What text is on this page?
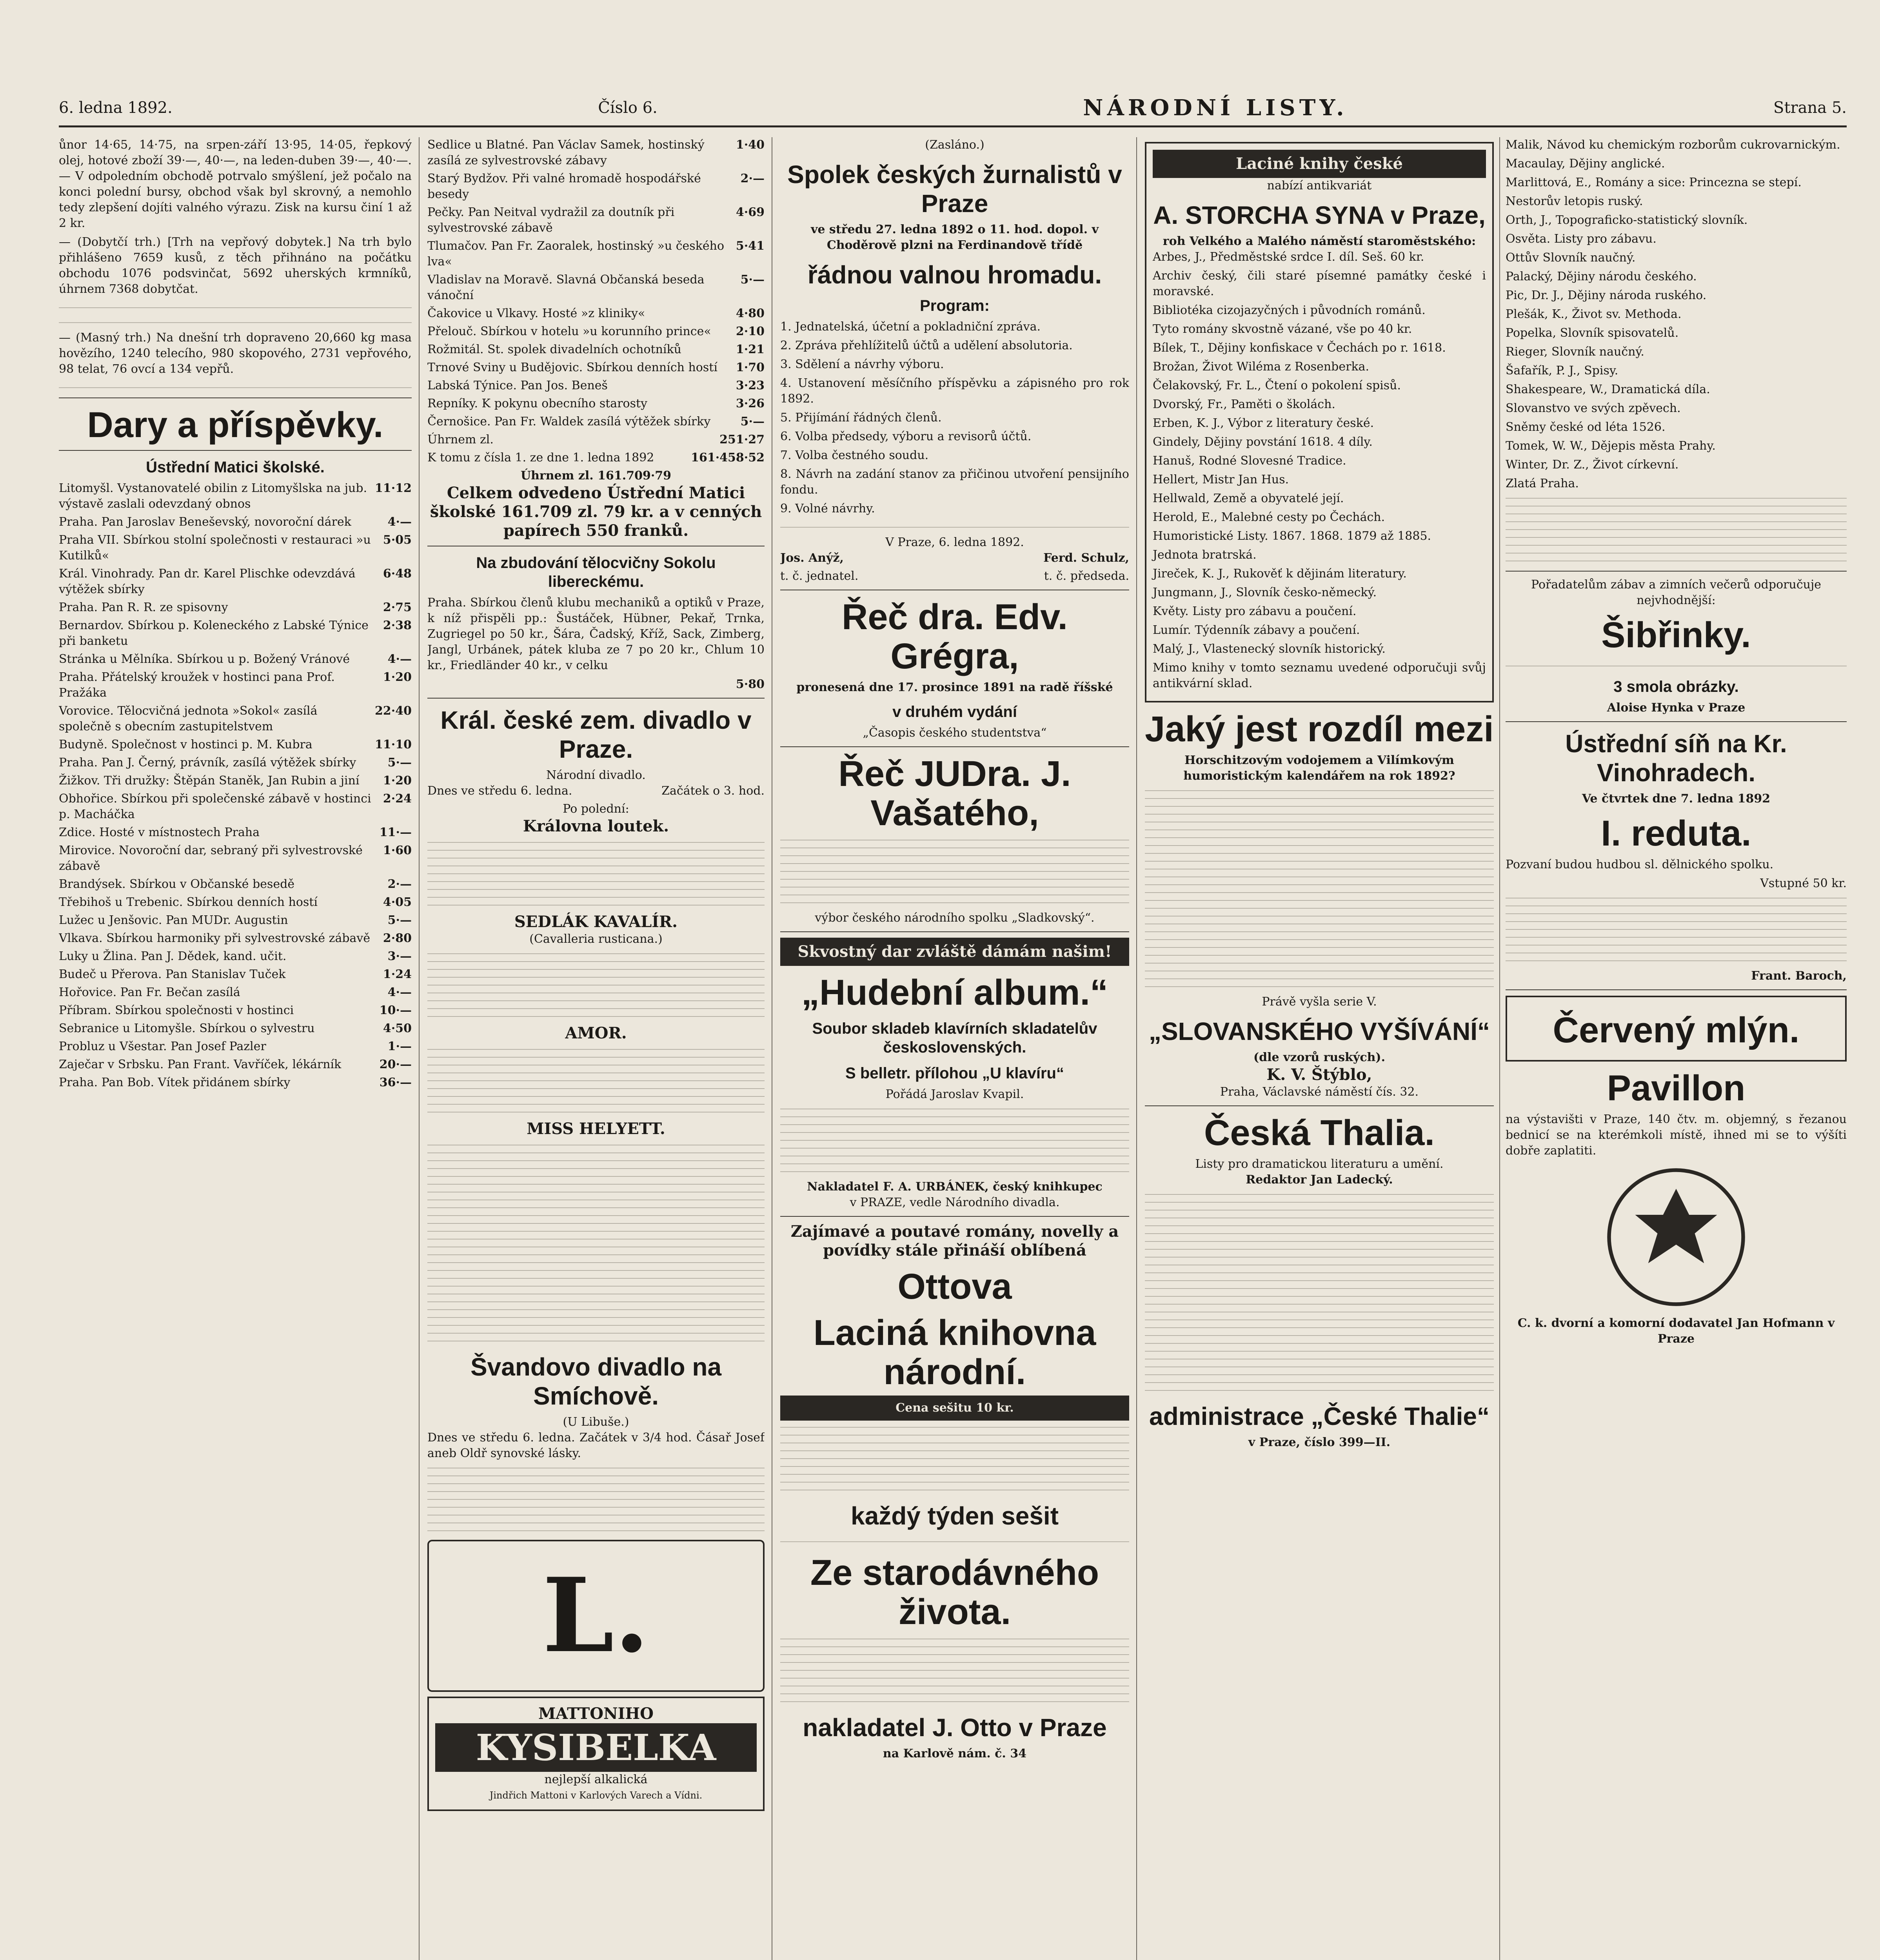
6. ledna 1892.	Číslo 6.	NÁRODNÍ LISTY.	Strana 5.

ůnor 14·65, 14·75, na srpen-září 13·95, 14·05, řepkový olej, hotové zboží 39·—, 40·—, na leden-duben 39·—, 40·—. — V odpoledním obchodě potrvalo smýšlení, jež počalo na konci polední bursy, obchod však byl skrovný, a nemohlo tedy zlepšení dojíti valného výrazu. Zisk na kursu činí 1 až 2 kr.

— (Dobytčí trh.) [Trh na vepřový dobytek.] Na trh bylo přihlášeno 7659 kusů, z těch přihnáno na počátku obchodu 1076 podsvinčat, 5692 uherských krmníků, úhrnem 7368 dobytčat.

— (Masný trh.) Na dnešní trh dopraveno 20,660 kg masa hovězího, 1240 telecího, 980 skopového, 2731 vepřového, 98 telat, 76 ovcí a 134 vepřů.

Dary a příspěvky.
Ústřední Matici školské.
Litomyšl. Vystanovatelé obilin z Litomyšlska na jub. výstavě zaslali odevzdaný obnos
11·12
Praha. Pan Jaroslav Beneševský, novoroční dárek	4·—
Praha VII. Sbírkou stolní společnosti v restauraci »u Kutilků«
5·05
Král. Vinohrady. Pan dr. Karel Plischke odevzdává výtěžek sbírky
6·48
Praha. Pan R. R. ze spisovny	2·75
Bernardov. Sbírkou p. Koleneckého z Labské Týnice při banketu
2·38
Stránka u Mělníka. Sbírkou u p. Božený Vránové	4·—
Praha. Přátelský kroužek v hostinci pana Prof. Pražáka
1·20
Vorovice. Tělocvičná jednota »Sokol« zasílá společně s obecním zastupitelstvem
22·40
Budyně. Společnost v hostinci p. M. Kubra	11·10
Praha. Pan J. Černý, právník, zasílá výtěžek sbírky	5·—
Žižkov. Tři družky: Štěpán Staněk, Jan Rubin a jiní 1·20
Obhořice. Sbírkou při společenské zábavě v hostinci p. Macháčka
2·24
Zdice. Hosté v místnostech Praha	11·—
Mirovice. Novoroční dar, sebraný při sylvestrovské zábavě
1·60
Brandýsek. Sbírkou v Občanské besedě	2·—
Třebihoš u Trebenic. Sbírkou denních hostí	4·05
Lužec u Jenšovic. Pan MUDr. Augustin	5·—
Vlkava. Sbírkou harmoniky při sylvestrovské zábavě 2·80
Luky u Žlina. Pan J. Dědek, kand. učit.	3·—
Budeč u Přerova. Pan Stanislav Tuček	1·24
Hořovice. Pan Fr. Bečan zasílá	4·—
Příbram. Sbírkou společnosti v hostinci	10·—
Sebranice u Litomyšle. Sbírkou o sylvestru	4·50
Probluz u Všestar. Pan Josef Pazler	1·—
Zaječar v Srbsku. Pan Frant. Vavříček, lékárník	20·—
Praha. Pan Bob. Vítek přidánem sbírky	36·—
Sedlice u Blatné. Pan Václav Samek, hostinský zasílá ze sylvestrovské zábavy
1·40
Starý Bydžov. Při valné hromadě hospodářské besedy
2·—
Pečky. Pan Neitval vydražil za doutník při sylvestrovské zábavě
4·69
Tlumačov. Pan Fr. Zaoralek, hostinský »u českého lva«
5·41
Vladislav na Moravě. Slavná Občanská beseda vánoční
5·—
Čakovice u Vlkavy. Hosté »z kliniky«	4·80
Přelouč. Sbírkou v hotelu »u korunního prince« 2·10
Rožmitál. St. spolek divadelních ochotníků	1·21
Trnové Sviny u Budějovic. Sbírkou denních hostí 1·70
Labská Týnice. Pan Jos. Beneš	3·23
Repníky. K pokynu obecního starosty	3·26
Černošice. Pan Fr. Waldek zasílá výtěžek sbírky	5·—
Úhrnem zl.	251·27
K tomu z čísla 1. ze dne 1. ledna 1892	161·458·52
Úhrnem zl. 161.709·79

Celkem odvedeno Ústřední Matici školské 161.709 zl. 79 kr. a v cenných papírech 550 franků.

Na zbudování tělocvičny Sokolu libereckému.

Praha. Sbírkou členů klubu mechaniků a optiků v Praze, k níž přispěli pp.: Šustáček, Hübner, Pekař, Trnka, Zugriegel po 50 kr., Šára, Čadský, Kříž, Sack, Zimberg, Jangl, Urbánek, pátek kluba ze 7 po 20 kr., Chlum 10 kr., Friedländer 40 kr., v celku

5·80
Král. české zem. divadlo v Praze.
Národní divadlo.
Dnes ve středu 6. ledna.	Začátek o 3. hod.
Po polední:
Královna loutek.
SEDLÁK KAVALÍR.
(Cavalleria rusticana.)
AMOR.
MISS HELYETT.
Švandovo divadlo na Smíchově.
(U Libuše.)

Dnes ve středu 6. ledna. Začátek v 3/4 hod. Čásař Josef aneb Oldř synovské lásky.

L.
MATTONIHO
KYSIBELKA
nejlepší alkalická
Jindřich Mattoni v Karlových Varech a Vídni.
(Zasláno.)
Spolek českých žurnalistů v Praze

ve středu 27. ledna 1892 o 11. hod. dopol. v Choděrově plzni na Ferdinandově třídě

řádnou valnou hromadu.
Program:

1. Jednatelská, účetní a pokladniční zpráva.

2. Zpráva přehlížitelů účtů a udělení absolutoria.

3. Sdělení a návrhy výboru.

4. Ustanovení měsíčního příspěvku a zápisného pro rok 1892.

5. Přijímání řádných členů.

6. Volba předsedy, výboru a revisorů účtů.

7. Volba čestného soudu.

8. Návrh na zadání stanov za přičinou utvoření pensijního fondu.

9. Volné návrhy.

V Praze, 6. ledna 1892.
Jos. Anýž,	Ferd. Schulz,
t. č. jednatel.	t. č. předseda.
Řeč dra. Edv. Grégra,
pronesená dne 17. prosince 1891 na radě říšské
v druhém vydání
„Časopis českého studentstva“
Řeč JUDra. J. Vašatého,
výbor českého národního spolku „Sladkovský“.
Skvostný dar zvláště dámám našim!
„Hudební album.“
Soubor skladeb klavírních skladatelův československých.
S belletr. přílohou „U klavíru“
Pořádá Jaroslav Kvapil.
Nakladatel F. A. URBÁNEK, český knihkupec
v PRAZE, vedle Národního divadla.
Zajímavé a poutavé romány, novelly a povídky stále přináší oblíbená
Ottova
Laciná knihovna národní.
Cena sešitu 10 kr.
každý týden sešit
Ze starodávného života.
nakladatel J. Otto v Praze
na Karlově nám. č. 34
Laciné knihy české
nabízí antikvariát
A. STORCHA SYNA v Praze,
roh Velkého a Malého náměstí staroměstského:

Arbes, J., Předměstské srdce I. díl. Seš. 60 kr.

Archiv český, čili staré písemné památky české i moravské.

Bibliotéka cizojazyčných i původních románů.

Tyto romány skvostně vázané, vše po 40 kr.

Bílek, T., Dějiny konfiskace v Čechách po r. 1618.

Brožan, Život Wiléma z Rosenberka.

Čelakovský, Fr. L., Čtení o pokolení spisů.

Dvorský, Fr., Paměti o školách.

Erben, K. J., Výbor z literatury české.

Gindely, Dějiny povstání 1618. 4 díly.

Hanuš, Rodné Slovesné Tradice.

Hellert, Mistr Jan Hus.

Hellwald, Země a obyvatelé její.

Herold, E., Malebné cesty po Čechách.

Humoristické Listy. 1867. 1868. 1879 až 1885.

Jednota bratrská.

Jireček, K. J., Rukověť k dějinám literatury.

Jungmann, J., Slovník česko-německý.

Květy. Listy pro zábavu a poučení.

Lumír. Týdenník zábavy a poučení.

Malý, J., Vlastenecký slovník historický.

Mimo knihy v tomto seznamu uvedené odporučuji svůj antikvární sklad.

Jaký jest rozdíl mezi
Horschitzovým vodojemem a Vilímkovým humoristickým kalendářem na rok 1892?
Právě vyšla serie V.
„SLOVANSKÉHO VYŠÍVÁNÍ“
(dle vzorů ruských).
K. V. Štýblo,
Praha, Václavské náměstí čís. 32.
Česká Thalia.
Listy pro dramatickou literaturu a umění.
Redaktor Jan Ladecký.
administrace „České Thalie“
v Praze, číslo 399—II.

Malik, Návod ku chemickým rozborům cukrovarnickým.

Macaulay, Dějiny anglické.

Marlittová, E., Romány a sice: Princezna se stepí.

Nestorův letopis ruský.

Orth, J., Topograficko-statistický slovník.

Osvěta. Listy pro zábavu.

Ottův Slovník naučný.

Palacký, Dějiny národu českého.

Pic, Dr. J., Dějiny národa ruského.

Plešák, K., Život sv. Methoda.

Popelka, Slovník spisovatelů.

Rieger, Slovník naučný.

Šafařík, P. J., Spisy.

Shakespeare, W., Dramatická díla.

Slovanstvo ve svých zpěvech.

Sněmy české od léta 1526.

Tomek, W. W., Dějepis města Prahy.

Winter, Dr. Z., Život církevní.

Zlatá Praha.

Pořadatelům zábav a zimních večerů odporučuje nejvhodnější:
Šibřinky.
3 smola obrázky.
Aloise Hynka v Praze
Ústřední síň na Kr. Vinohradech.
Ve čtvrtek dne 7. ledna 1892
I. reduta.

Pozvaní budou hudbou sl. dělnického spolku.

Vstupné 50 kr.
Frant. Baroch,
Červený mlýn.
Pavillon

na výstavišti v Praze, 140 čtv. m. objemný, s řezanou bednicí se na kterémkoli místě, ihned mi se to výšíti dobře zaplatiti.

C. k. dvorní a komorní dodavatel Jan Hofmann v Praze
